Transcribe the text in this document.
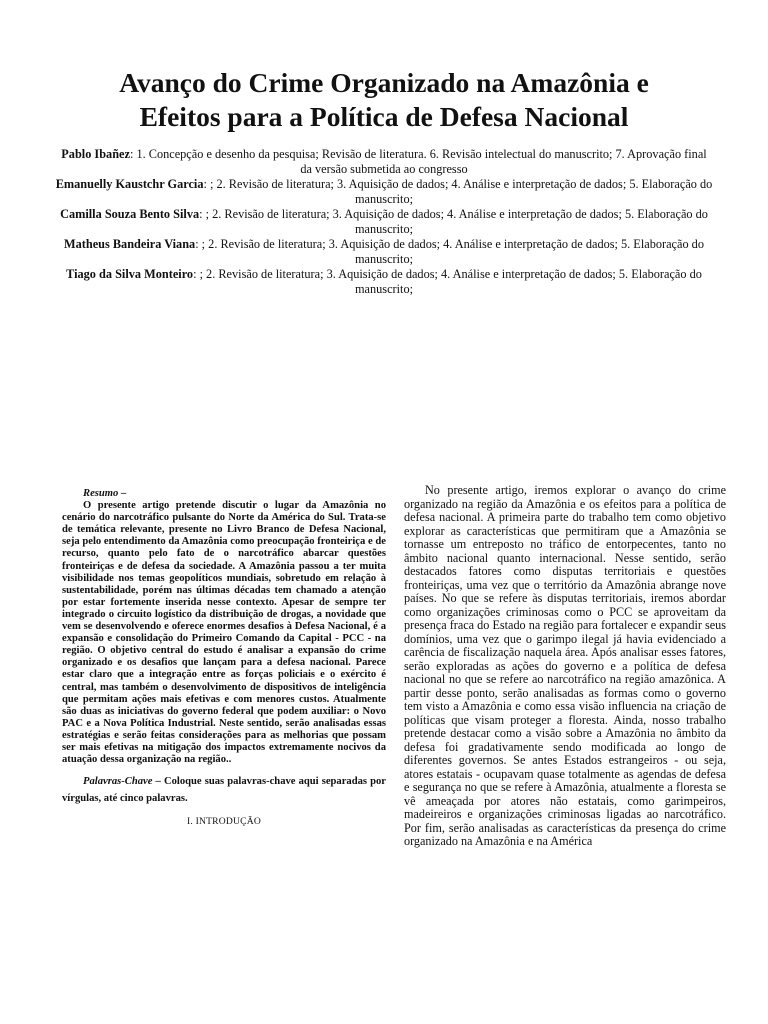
Avanço do Crime Organizado na Amazônia e
Efeitos para a Política de Defesa Nacional

Pablo Ibañez: 1. Concepção e desenho da pesquisa; Revisão de literatura. 6. Revisão intelectual do manuscrito; 7. Aprovação final da versão submetida ao congresso

Emanuelly Kaustchr Garcia: ; 2. Revisão de literatura; 3. Aquisição de dados; 4. Análise e interpretação de dados; 5. Elaboração do manuscrito;

Camilla Souza Bento Silva: ; 2. Revisão de literatura; 3. Aquisição de dados; 4. Análise e interpretação de dados; 5. Elaboração do manuscrito;

Matheus Bandeira Viana: ; 2. Revisão de literatura; 3. Aquisição de dados; 4. Análise e interpretação de dados; 5. Elaboração do manuscrito;

Tiago da Silva Monteiro: ; 2. Revisão de literatura; 3. Aquisição de dados; 4. Análise e interpretação de dados; 5. Elaboração do manuscrito;

Resumo –

O presente artigo pretende discutir o lugar da Amazônia no cenário do narcotráfico pulsante do Norte da América do Sul. Trata-se de temática relevante, presente no Livro Branco de Defesa Nacional, seja pelo entendimento da Amazônia como preocupação fronteiriça e de recurso, quanto pelo fato de o narcotráfico abarcar questões fronteiriças e de defesa da sociedade. A Amazônia passou a ter muita visibilidade nos temas geopolíticos mundiais, sobretudo em relação à sustentabilidade, porém nas últimas décadas tem chamado a atenção por estar fortemente inserida nesse contexto. Apesar de sempre ter integrado o circuito logístico da distribuição de drogas, a novidade que vem se desenvolvendo e oferece enormes desafios à Defesa Nacional, é a expansão e consolidação do Primeiro Comando da Capital - PCC - na região. O objetivo central do estudo é analisar a expansão do crime organizado e os desafios que lançam para a defesa nacional. Parece estar claro que a integração entre as forças policiais e o exército é central, mas também o desenvolvimento de dispositivos de inteligência que permitam ações mais efetivas e com menores custos. Atualmente são duas as iniciativas do governo federal que podem auxiliar: o Novo PAC e a Nova Política Industrial. Neste sentido, serão analisadas essas estratégias e serão feitas considerações para as melhorias que possam ser mais efetivas na mitigação dos impactos extremamente nocivos da atuação dessa organização na região..

Palavras-Chave – Coloque suas palavras-chave aqui separadas por vírgulas, até cinco palavras.

I. INTRODUÇÃO

No presente artigo, iremos explorar o avanço do crime organizado na região da Amazônia e os efeitos para a política de defesa nacional. A primeira parte do trabalho tem como objetivo explorar as características que permitiram que a Amazônia se tornasse um entreposto no tráfico de entorpecentes, tanto no âmbito nacional quanto internacional. Nesse sentido, serão destacados fatores como disputas territoriais e questões fronteiriças, uma vez que o território da Amazônia abrange nove países. No que se refere às disputas territoriais, iremos abordar como organizações criminosas como o PCC se aproveitam da presença fraca do Estado na região para fortalecer e expandir seus domínios, uma vez que o garimpo ilegal já havia evidenciado a carência de fiscalização naquela área. Após analisar esses fatores, serão exploradas as ações do governo e a política de defesa nacional no que se refere ao narcotráfico na região amazônica. A partir desse ponto, serão analisadas as formas como o governo tem visto a Amazônia e como essa visão influencia na criação de políticas que visam proteger a floresta. Ainda, nosso trabalho pretende destacar como a visão sobre a Amazônia no âmbito da defesa foi gradativamente sendo modificada ao longo de diferentes governos. Se antes Estados estrangeiros - ou seja, atores estatais - ocupavam quase totalmente as agendas de defesa e segurança no que se refere à Amazônia, atualmente a floresta se vê ameaçada por atores não estatais, como garimpeiros, madeireiros e organizações criminosas ligadas ao narcotráfico. Por fim, serão analisadas as características da presença do crime organizado na Amazônia e na América
